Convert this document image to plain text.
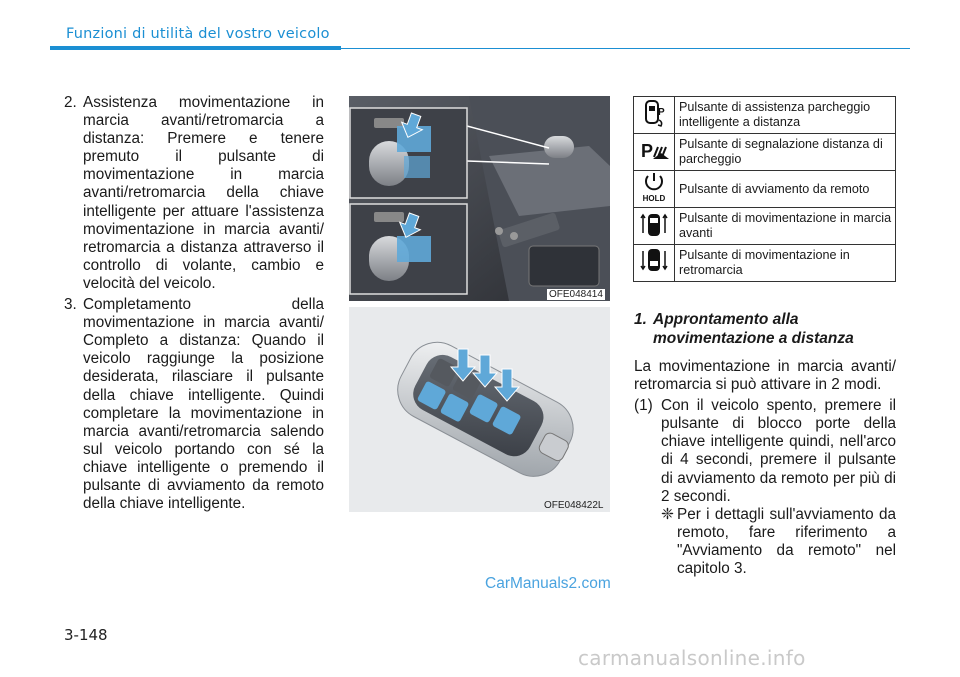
Funzioni di utilità del vostro veicolo
2. Assistenza movimentazione in marcia avanti/retromarcia a distanza: Premere e tenere premuto il pulsante di movimentazione in marcia avanti/retromarcia della chiave intelligente per attuare l'assistenza movimentazione in marcia avanti/ retromarcia a distanza attraverso il controllo di volante, cambio e velocità del veicolo.

3. Completamento della movimentazione in marcia avanti/ Completo a distanza: Quando il veicolo raggiunge la posizione desiderata, rilasciare il pulsante della chiave intelligente. Quindi completare la movimentazione in marcia avanti/retromarcia salendo sul veicolo portando con sé la chiave intelligente o premendo il pulsante di avviamento da remoto della chiave intelligente.

OFE048414
OFE048422L
P	Pulsante di assistenza parcheggio intelligente a distanza

P	Pulsante di segnalazione distanza di parcheggio

HOLD	Pulsante di avviamento da remoto
	Pulsante di movimentazione in marcia avanti
	Pulsante di movimentazione in retromarcia
1. Approntamento alla movimentazione a distanza

La movimentazione in marcia avanti/ retromarcia si può attivare in 2 modi.

(1) Con il veicolo spento, premere il pulsante di blocco porte della chiave intelligente quindi, nell'arco di 4 secondi, premere il pulsante di avviamento da remoto per più di 2 secondi.

❈ Per i dettagli sull'avviamento da remoto, fare riferimento a "Avviamento da remoto" nel capitolo 3.

CarManuals2.com
3-148
carmanualsonline.info
